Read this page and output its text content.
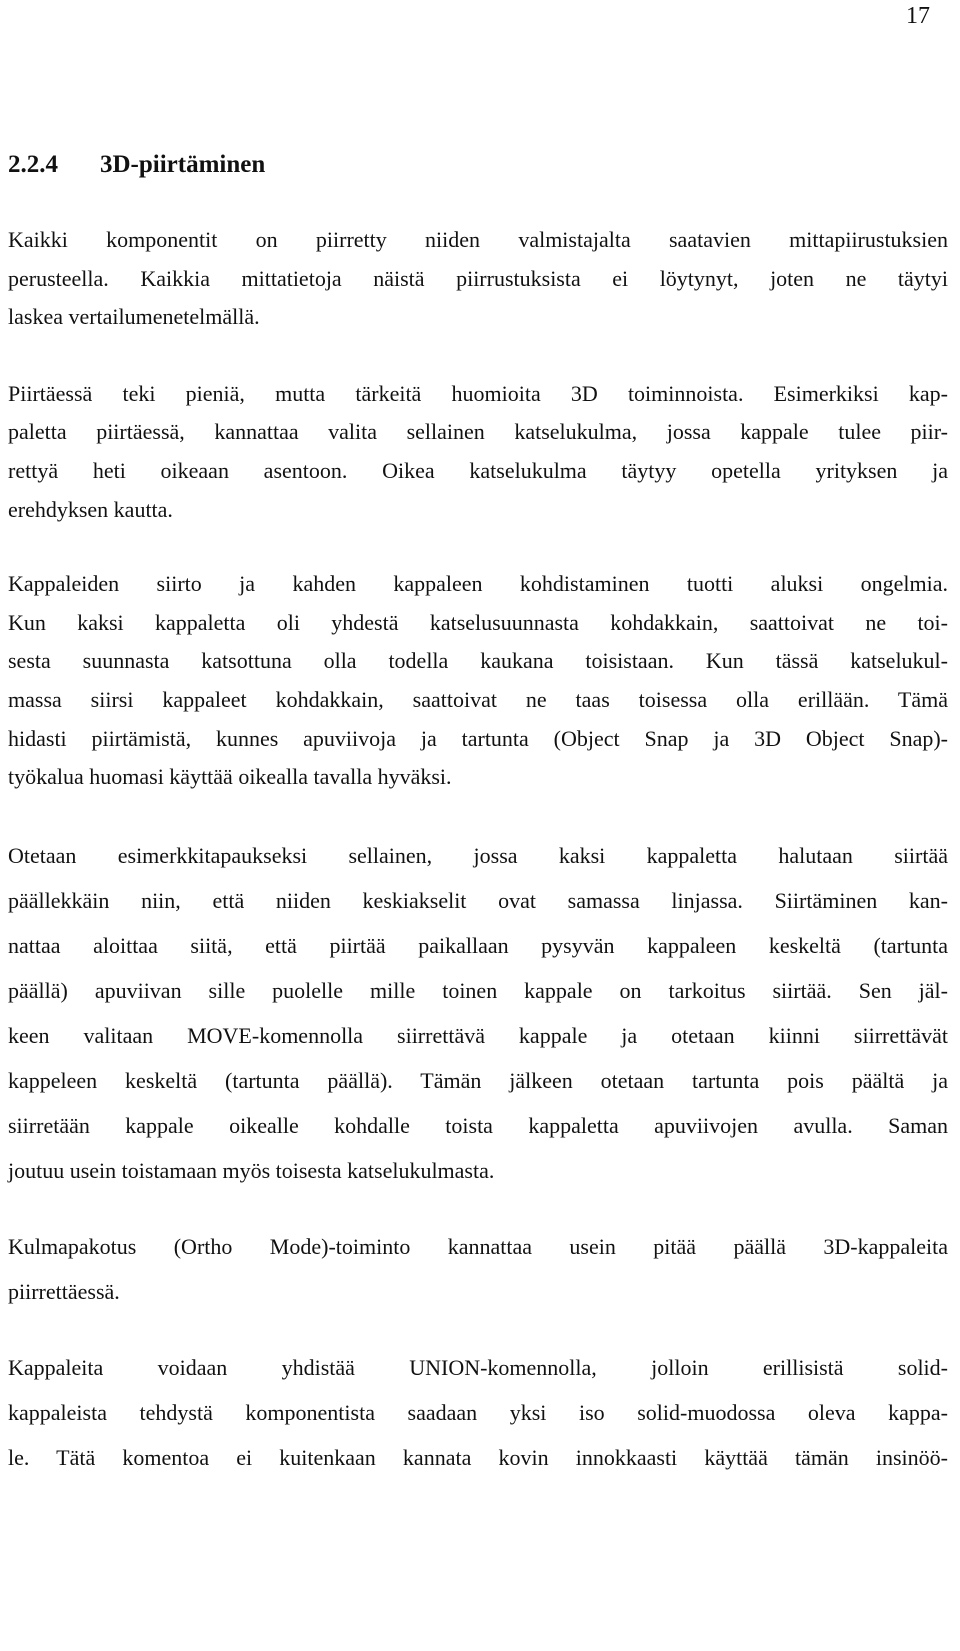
17
2.2.4 3D-piirtäminen

Kaikki komponentit on piirretty niiden valmistajalta saatavien mittapiirustuksien
perusteella. Kaikkia mittatietoja näistä piirrustuksista ei löytynyt, joten ne täytyi
laskea vertailumenetelmällä.

Piirtäessä teki pieniä, mutta tärkeitä huomioita 3D toiminnoista. Esimerkiksi kap-
paletta piirtäessä, kannattaa valita sellainen katselukulma, jossa kappale tulee piir-
rettyä heti oikeaan asentoon. Oikea katselukulma täytyy opetella yrityksen ja
erehdyksen kautta.

Kappaleiden siirto ja kahden kappaleen kohdistaminen tuotti aluksi ongelmia.
Kun kaksi kappaletta oli yhdestä katselusuunnasta kohdakkain, saattoivat ne toi-
sesta suunnasta katsottuna olla todella kaukana toisistaan. Kun tässä katselukul-
massa siirsi kappaleet kohdakkain, saattoivat ne taas toisessa olla erillään. Tämä
hidasti piirtämistä, kunnes apuviivoja ja tartunta (Object Snap ja 3D Object Snap)-
työkalua huomasi käyttää oikealla tavalla hyväksi.

Otetaan esimerkkitapaukseksi sellainen, jossa kaksi kappaletta halutaan siirtää
päällekkäin niin, että niiden keskiakselit ovat samassa linjassa. Siirtäminen kan-
nattaa aloittaa siitä, että piirtää paikallaan pysyvän kappaleen keskeltä (tartunta
päällä) apuviivan sille puolelle mille toinen kappale on tarkoitus siirtää. Sen jäl-
keen valitaan MOVE-komennolla siirrettävä kappale ja otetaan kiinni siirrettävät
kappeleen keskeltä (tartunta päällä). Tämän jälkeen otetaan tartunta pois päältä ja
siirretään kappale oikealle kohdalle toista kappaletta apuviivojen avulla. Saman
joutuu usein toistamaan myös toisesta katselukulmasta.

Kulmapakotus (Ortho Mode)-toiminto kannattaa usein pitää päällä 3D-kappaleita
piirrettäessä.

Kappaleita voidaan yhdistää UNION-komennolla, jolloin erillisistä solid-
kappaleista tehdystä komponentista saadaan yksi iso solid-muodossa oleva kappa-
le. Tätä komentoa ei kuitenkaan kannata kovin innokkaasti käyttää tämän insinöö-
